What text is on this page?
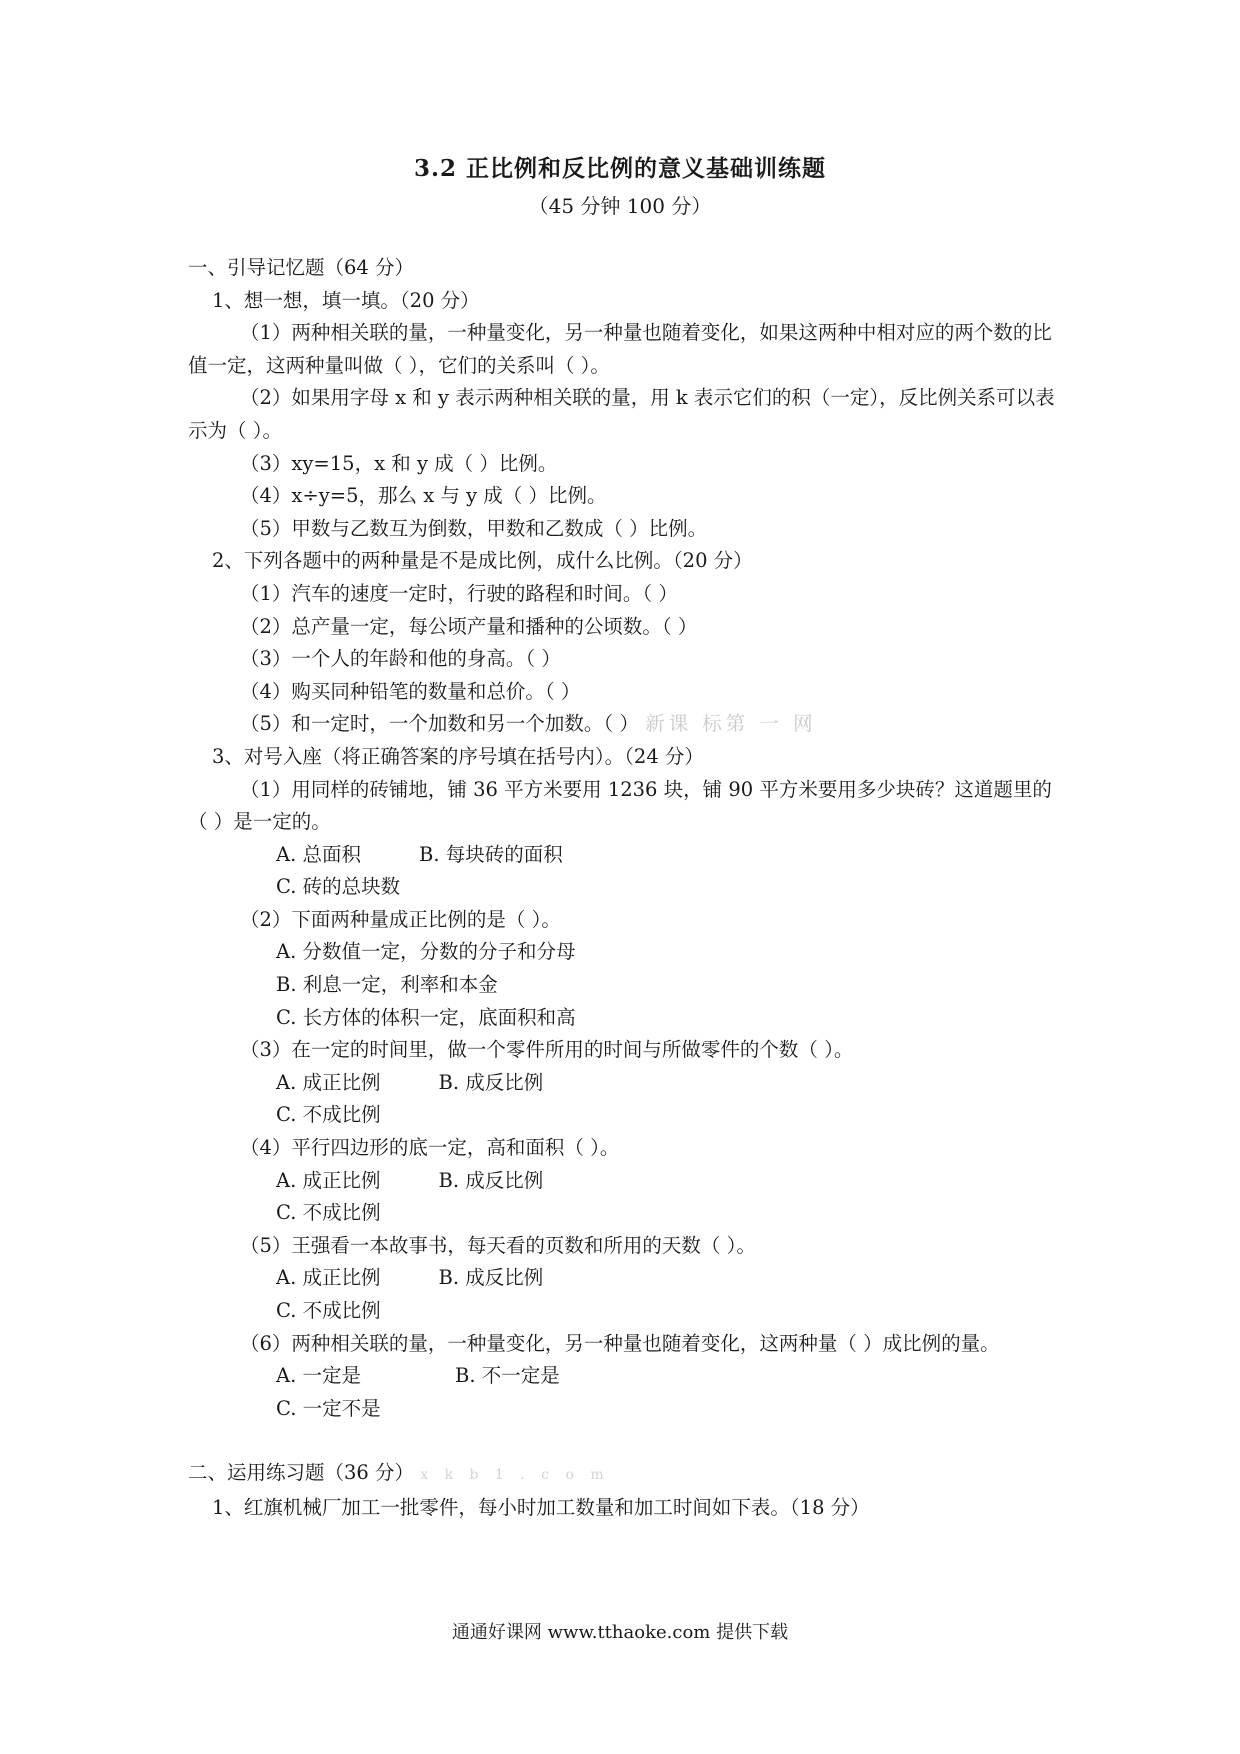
3.2 正比例和反比例的意义基础训练题
（45 分钟 100 分）
一、引导记忆题（64 分）
1、想一想，填一填。（20 分）
（1）两种相关联的量，一种量变化，另一种量也随着变化，如果这两种中相对应的两个数的比值一定，这两种量叫做（ ），它们的关系叫（ ）。
（2）如果用字母 x 和 y 表示两种相关联的量，用 k 表示它们的积（一定），反比例关系可以表示为（ ）。
（3）xy=15，x 和 y 成（ ）比例。
（4）x÷y=5，那么 x 与 y 成（ ）比例。
（5）甲数与乙数互为倒数，甲数和乙数成（ ）比例。
2、下列各题中的两种量是不是成比例，成什么比例。（20 分）
（1）汽车的速度一定时，行驶的路程和时间。（ ）
（2）总产量一定，每公顷产量和播种的公顷数。（ ）
（3）一个人的年龄和他的身高。（ ）
（4）购买同种铅笔的数量和总价。（ ）
（5）和一定时，一个加数和另一个加数。（ ） 新课 标第 一 网
3、对号入座（将正确答案的序号填在括号内）。（24 分）
（1）用同样的砖铺地，铺 36 平方米要用 1236 块，铺 90 平方米要用多少块砖？这道题里的（ ）是一定的。
A. 总面积	B. 每块砖的面积
C. 砖的总块数
（2）下面两种量成正比例的是（ ）。
A. 分数值一定，分数的分子和分母
B. 利息一定，利率和本金
C. 长方体的体积一定，底面积和高
（3）在一定的时间里，做一个零件所用的时间与所做零件的个数（ ）。
A. 成正比例	B. 成反比例
C. 不成比例
（4）平行四边形的底一定，高和面积（ ）。
A. 成正比例	B. 成反比例
C. 不成比例
（5）王强看一本故事书，每天看的页数和所用的天数（ ）。
A. 成正比例	B. 成反比例
C. 不成比例
（6）两种相关联的量，一种量变化，另一种量也随着变化，这两种量（ ）成比例的量。
A. 一定是	B. 不一定是
C. 一定不是
二、运用练习题（36 分） x k b 1 . c o m
1、红旗机械厂加工一批零件，每小时加工数量和加工时间如下表。（18 分）
通通好课网 www.tthaoke.com 提供下载
